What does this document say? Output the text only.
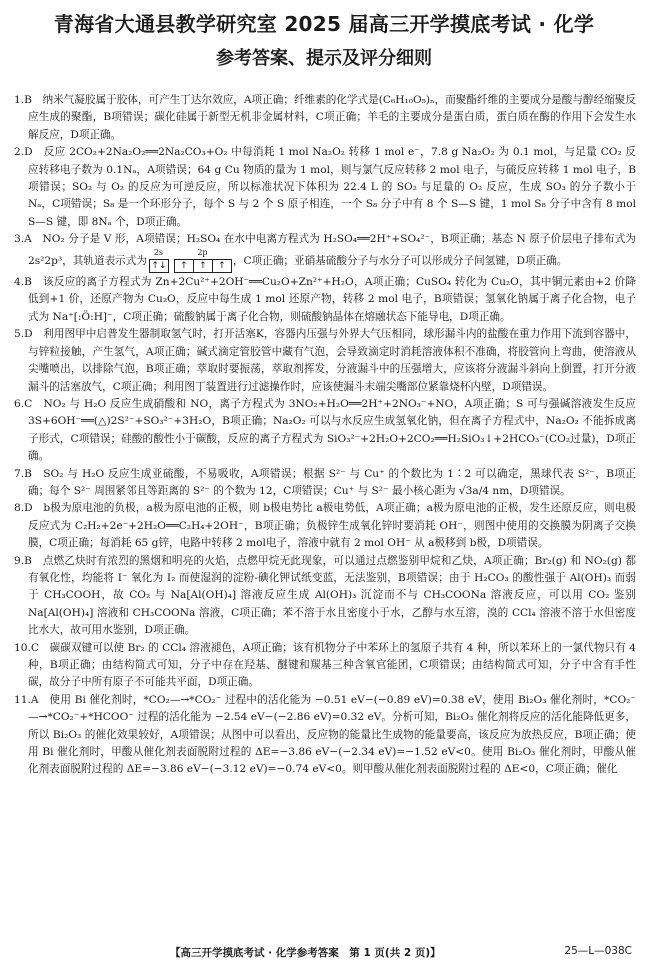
青海省大通县教学研究室 2025 届高三开学摸底考试 · 化学
参考答案、提示及评分细则

1.B　纳米气凝胶属于胶体，可产生丁达尔效应，A项正确；纤维素的化学式是(C₆H₁₀O₅)ₙ，而聚酯纤维的主要成分是酸与醇经缩聚反应生成的聚酯，B项错误；碳化硅属于新型无机非金属材料，C项正确；羊毛的主要成分是蛋白质，蛋白质在酶的作用下会发生水解反应，D项正确。

2.D　反应 2CO₂+2Na₂O₂══2Na₂CO₃+O₂ 中每消耗 1 mol Na₂O₂ 转移 1 mol e⁻，7.8 g Na₂O₂ 为 0.1 mol，与足量 CO₂ 反应转移电子数为 0.1Nₐ，A项错误；64 g Cu 物质的量为 1 mol，则与氯气反应转移 2 mol 电子，与硫反应转移 1 mol 电子，B项错误；SO₂ 与 O₂ 的反应为可逆反应，所以标准状况下体积为 22.4 L 的 SO₂ 与足量的 O₂ 反应，生成 SO₃ 的分子数小于 Nₐ，C项错误；S₈ 是一个环形分子，每个 S 与 2 个 S 原子相连，一个 S₈ 分子中有 8 个 S—S 键，1 mol S₈ 分子中含有 8 mol S—S 键，即 8Nₐ 个，D项正确。

3.A　NO₂ 分子是 V 形，A项错误；H₂SO₄ 在水中电离方程式为 H₂SO₄══2H⁺+SO₄²⁻，B项正确；基态 N 原子价层电子排布式为 2s²2p³，其轨道表示式为
2s
↑↓
2p
↑ ↑ ↑ ，C项正确；亚硝基硫酸分子与水分子可以形成分子间氢键，D项正确。

4.B　该反应的离子方程式为 Zn+2Cu²⁺+2OH⁻══Cu₂O+Zn²⁺+H₂O，A项正确；CuSO₄ 转化为 Cu₂O，其中铜元素由+2 价降低到+1 价，还原产物为 Cu₂O，反应中每生成 1 mol 还原产物，转移 2 mol 电子，B项错误；氢氧化钠属于离子化合物，电子式为 Na⁺[:Ö:H]⁻，C项正确；硫酸钠属于离子化合物，则硫酸钠晶体在熔融状态下能导电，D项正确。

5.D　利用图甲中启普发生器制取氢气时，打开活塞K，容器内压强与外界大气压相同，球形漏斗内的盐酸在重力作用下流到容器中，与锌粒接触，产生氢气，A项正确；碱式滴定管胶管中藏有气泡，会导致滴定时消耗溶液体积不准确，将胶管向上弯曲，使溶液从尖嘴喷出，以排除气泡，B项正确；萃取时要振荡，萃取剂挥发，分液漏斗中的压强增大，应该将分液漏斗斜向上倒置，打开分液漏斗的活塞放气，C项正确；利用图丁装置进行过滤操作时，应该使漏斗末端尖嘴部位紧靠烧杯内壁，D项错误。

6.C　NO₂ 与 H₂O 反应生成硝酸和 NO，离子方程式为 3NO₂+H₂O══2H⁺+2NO₃⁻+NO，A项正确；S 可与强碱溶液发生反应 3S+6OH⁻══(△)2S²⁻+SO₃²⁻+3H₂O，B项正确；Na₂O₂ 可以与水反应生成氢氧化钠，但在离子方程式中，Na₂O₂ 不能拆成离子形式，C项错误；硅酸的酸性小于碳酸，反应的离子方程式为 SiO₃²⁻+2H₂O+2CO₂══H₂SiO₃↓+2HCO₃⁻(CO₂过量)，D项正确。

7.B　SO₂ 与 H₂O 反应生成亚硫酸，不易吸收，A项错误；根据 S²⁻ 与 Cu⁺ 的个数比为 1∶2 可以确定，黑球代表 S²⁻，B项正确；每个 S²⁻ 周围紧邻且等距离的 S²⁻ 的个数为 12，C项错误；Cu⁺ 与 S²⁻ 最小核心距为 √3a/4 nm，D项错误。

8.D　b极为原电池的负极，a极为原电池的正极，则 b极电势比 a极电势低，A项正确；a极为原电池的正极，发生还原反应，则电极反应式为 C₂H₂+2e⁻+2H₂O══C₂H₄+2OH⁻，B项正确；负极锌生成氧化锌时要消耗 OH⁻，则图中使用的交换膜为阴离子交换膜，C项正确；每消耗 65 g锌，电路中转移 2 mol电子，溶液中就有 2 mol OH⁻ 从 a极移到 b极，D项错误。

9.B　点燃乙炔时有浓烈的黑烟和明亮的火焰，点燃甲烷无此现象，可以通过点燃鉴别甲烷和乙炔，A项正确；Br₂(g) 和 NO₂(g) 都有氧化性，均能将 I⁻ 氧化为 I₂ 而使湿润的淀粉-碘化钾试纸变蓝，无法鉴别，B项错误；由于 H₂CO₃ 的酸性强于 Al(OH)₃ 而弱于 CH₃COOH，故 CO₂ 与 Na[Al(OH)₄] 溶液反应生成 Al(OH)₃ 沉淀而不与 CH₃COONa 溶液反应，可以用 CO₂ 鉴别 Na[Al(OH)₄] 溶液和 CH₃COONa 溶液，C项正确；苯不溶于水且密度小于水，乙醇与水互溶，溴的 CCl₄ 溶液不溶于水但密度比水大，故可用水鉴别，D项正确。

10.C　碳碳双键可以使 Br₂ 的 CCl₄ 溶液褪色，A项正确；该有机物分子中苯环上的氢原子共有 4 种，所以苯环上的一氯代物只有 4 种，B项正确；由结构简式可知，分子中存在羟基、醚键和羰基三种含氧官能团，C项错误；由结构简式可知，分子中含有手性碳，故分子中所有原子不可能共平面，D项正确。

11.A　使用 Bi 催化剂时，*CO₂—→*CO₂⁻ 过程中的活化能为 −0.51 eV−(−0.89 eV)=0.38 eV，使用 Bi₂O₃ 催化剂时，*CO₂⁻—→*CO₂⁻+*HCOO⁻ 过程的活化能为 −2.54 eV−(−2.86 eV)=0.32 eV。分析可知，Bi₂O₃ 催化剂将反应的活化能降低更多，所以 Bi₂O₃ 的催化效果较好，A项错误；从图中可以看出，反应物的能量比生成物的能量要高，该反应为放热反应，B项正确；使用 Bi 催化剂时，甲酸从催化剂表面脱附过程的 ΔE=−3.86 eV−(−2.34 eV)=−1.52 eV<0。使用 Bi₂O₃ 催化剂时，甲酸从催化剂表面脱附过程的 ΔE=−3.86 eV−(−3.12 eV)=−0.74 eV<0。则甲酸从催化剂表面脱附过程的 ΔE<0，C项正确；催化

【高三开学摸底考试 · 化学参考答案　第 1 页(共 2 页)】	25—L—038C
